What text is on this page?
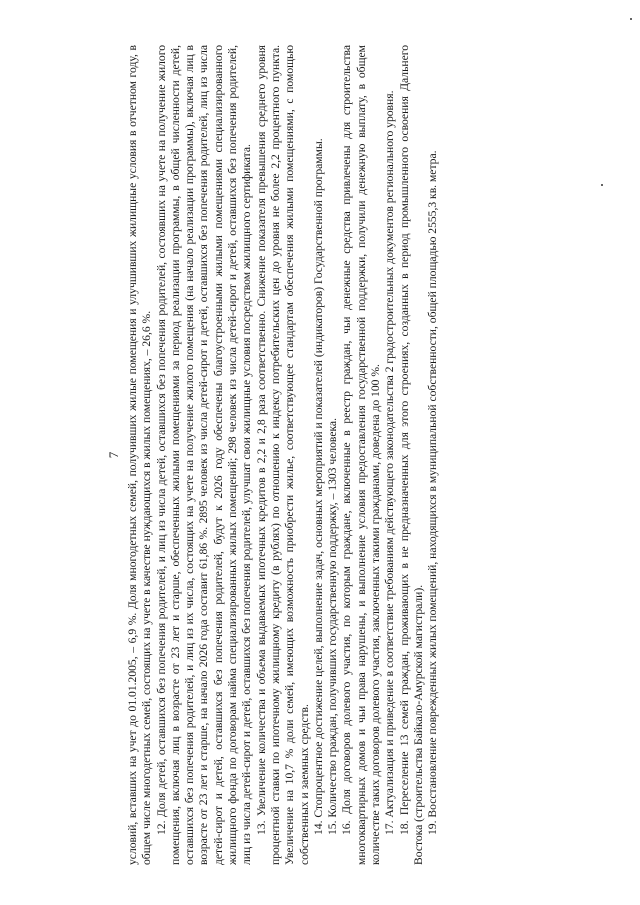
7 условий, вставших на учет до 01.01.2005, – 6,9 %. Доля многодетных семей, получивших жилые помещения и улучшивших жилищные условия в отчетном году, в общем числе многодетных семей, состоящих на учете в качестве нуждающихся в жилых помещениях, – 26,6 %. 12. Доля детей, оставшихся без попечения родителей, и лиц из числа детей, оставшихся без попечения родителей, состоявших на учете на получение жилого помещения, включая лиц в возрасте от 23 лет и старше, обеспеченных жилыми помещениями за период реализации программы, в общей численности детей, оставшихся без попечения родителей, и лиц из их числа, состоящих на учете на получение жилого помещения (на начало реализации программы), включая лиц в возрасте от 23 лет и старше, на начало 2026 года составит 61,86 %. 2895 человек из числа детей-сирот и детей, оставшихся без попечения родителей, лиц из числа детей-сирот и детей, оставшихся без попечения родителей, будут к 2026 году обеспечены благоустроенными жилыми помещениями специализированного жилищного фонда по договорам найма специализированных жилых помещений; 298 человек из числа детей-сирот и детей, оставшихся без попечения родителей, лиц из числа детей-сирот и детей, оставшихся без попечения родителей, улучшат свои жилищные условия посредством жилищного сертификата. 13. Увеличение количества и объема выдаваемых ипотечных кредитов в 2,2 и 2,8 раза соответственно. Снижение показателя превышения среднего уровня процентной ставки по ипотечному жилищному кредиту (в рублях) по отношению к индексу потребительских цен до уровня не более 2,2 процентного пункта. Увеличение на 10,7 % доли семей, имеющих возможность приобрести жилье, соответствующее стандартам обеспечения жилыми помещениями, с помощью собственных и заемных средств. 14. Стопроцентное достижение целей, выполнение задач, основных мероприятий и показателей (индикаторов) Государственной программы. 15. Количество граждан, получивших государственную поддержку, – 1303 человека. 16. Доля договоров долевого участия, по которым граждане, включенные в реестр граждан, чьи денежные средства привлечены для строительства многоквартирных домов и чьи права нарушены, и выполнение условия предоставления государственной поддержки, получили денежную выплату, в общем количестве таких договоров долевого участия, заключенных такими гражданами, доведена до 100 %. 17. Актуализация и приведение в соответствие требованиям действующего законодательства 2 градостроительных документов регионального уровня. 18. Переселение 13 семей граждан, проживающих в не предназначенных для этого строениях, созданных в период промышленного освоения Дальнего Востока (строительства Байкало-Амурской магистрали). 19. Восстановление поврежденных жилых помещений, находящихся в муниципальной собственности, общей площадью 2555,3 кв. метра.
